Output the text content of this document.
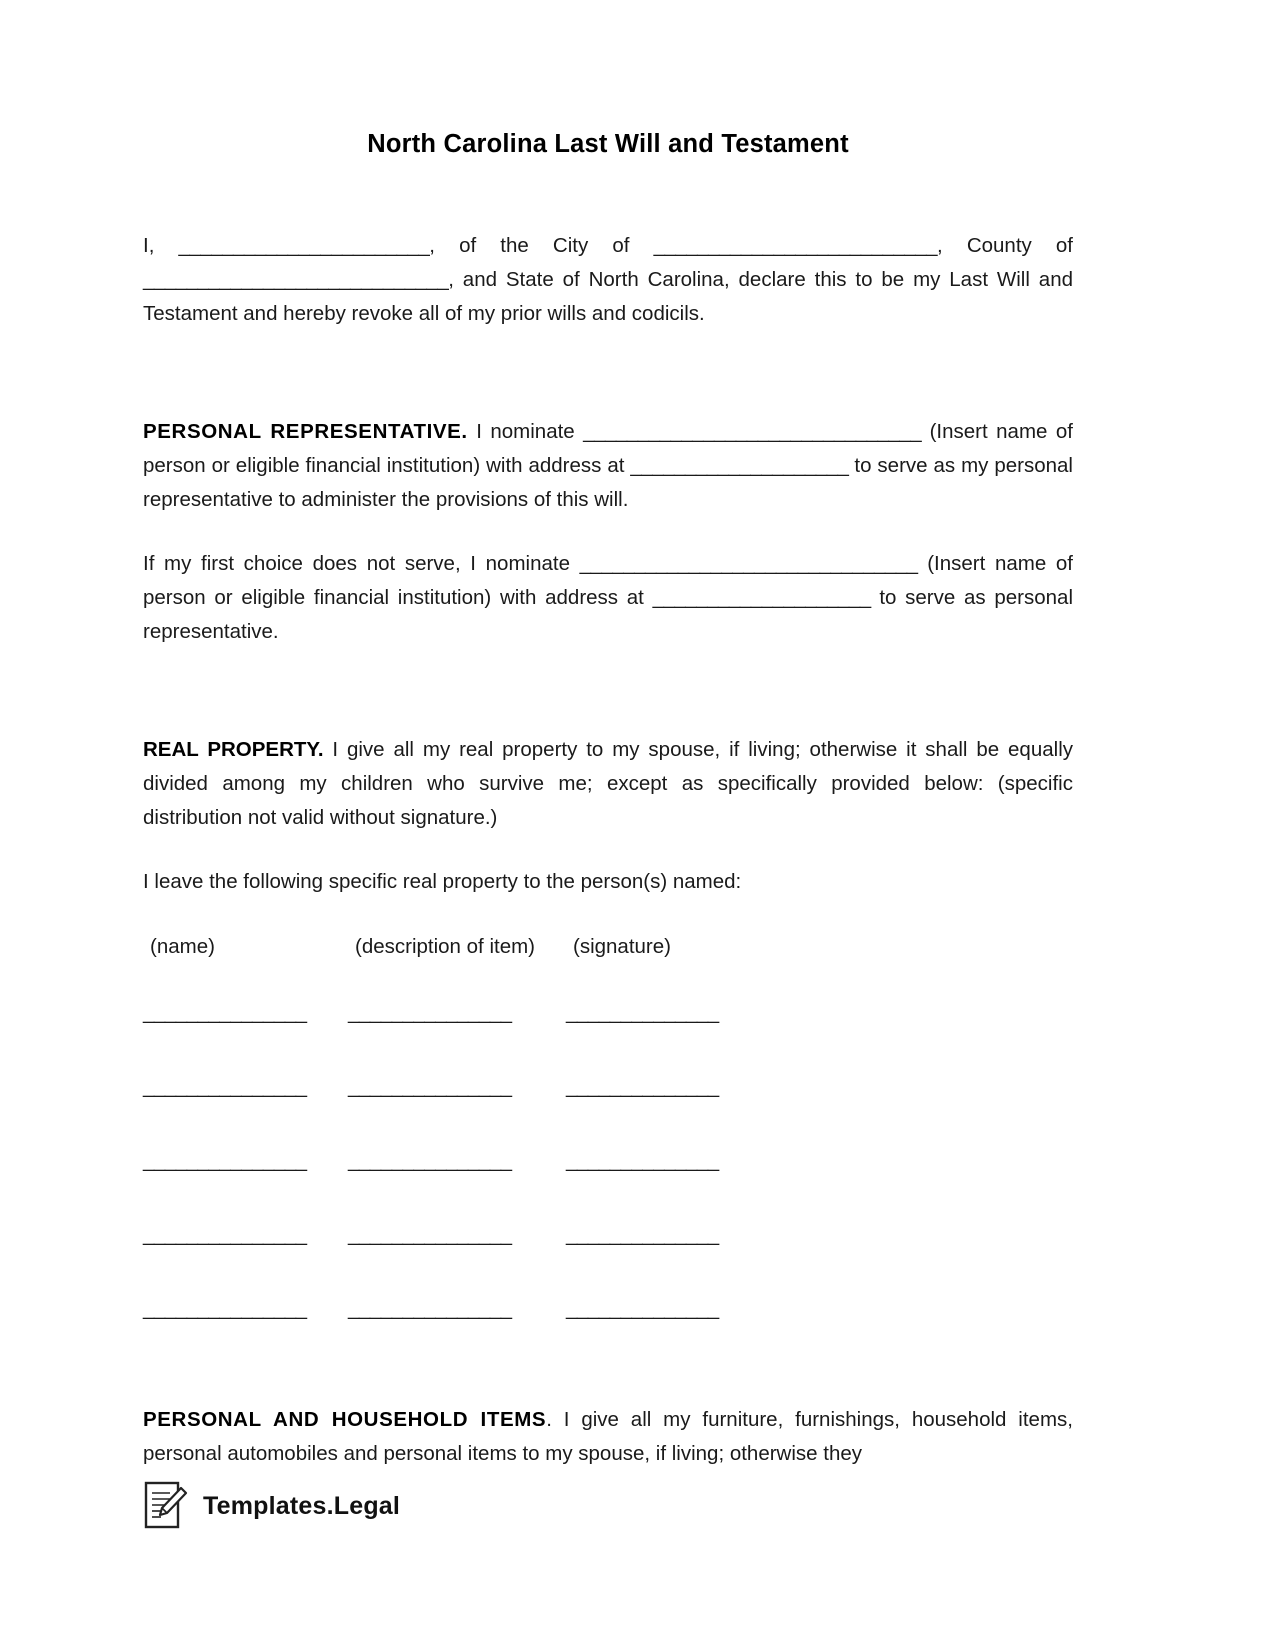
North Carolina Last Will and Testament

I, _______________________, of the City of __________________________, County of ____________________________, and State of North Carolina, declare this to be my Last Will and Testament and hereby revoke all of my prior wills and codicils.

PERSONAL REPRESENTATIVE. I nominate _______________________________ (Insert name of person or eligible financial institution) with address at ____________________ to serve as my personal representative to administer the provisions of this will.

If my first choice does not serve, I nominate _______________________________ (Insert name of person or eligible financial institution) with address at ____________________ to serve as personal representative.

REAL PROPERTY. I give all my real property to my spouse, if living; otherwise it shall be equally divided among my children who survive me; except as specifically provided below: (specific distribution not valid without signature.)

I leave the following specific real property to the person(s) named:

(name)	(description of item)	(signature)
_______________	_______________	______________
_______________	_______________	______________
_______________	_______________	______________
_______________	_______________	______________
_______________	_______________	______________

PERSONAL AND HOUSEHOLD ITEMS. I give all my furniture, furnishings, household items, personal automobiles and personal items to my spouse, if living; otherwise they

Templates.Legal
